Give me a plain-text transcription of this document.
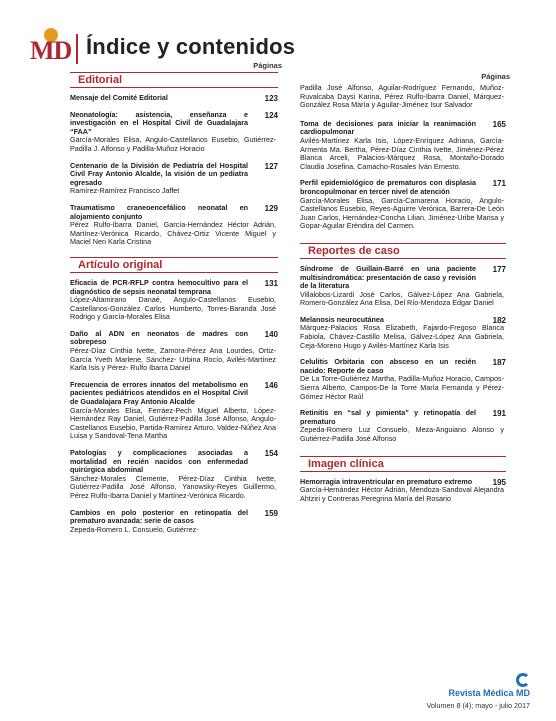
MD Índice y contenidos
Editorial
Páginas
Mensaje del Comité Editorial	123
Neonatología: asistencia, enseñanza e investigación en el Hospital Civil de Guadalajara “FAA”
García-Morales Elisa, Angulo-Castellanos Eusebio, Gutiérrez- Padilla J. Alfonso y Padilla-Muñoz Horacio
124
Centenario de la División de Pediatría del Hospital Civil Fray Antonio Alcalde, la visión de un pediatra egresado
Ramírez-Ramírez Francisco Jaffet
127
Traumatismo craneoencefálico neonatal en alojamiento conjunto
Pérez Rulfo-Ibarra Daniel, García-Hernández Héctor Adrián, Martínez-Verónica Ricardo, Chávez-Ortiz Vicente Miguel y Maciel Neri Karla Cristina
129
Artículo original
Eficacia de PCR-RFLP contra hemocultivo para el diagnóstico de sepsis neonatal temprana
López-Altamirano Danaé, Angulo-Castellanos Eusebio, Castellanos-González Carlos Humberto, Torres-Baranda José Rodrigo y García-Morales Elisa
131
Daño al ADN en neonatos de madres con sobrepeso
Pérez-Díaz Cinthia Ivette, Zamora-Pérez Ana Lourdes, Ortiz-García Yveth Marlene, Sánchez- Urbina Rocío, Avilés-Martínez Karla Isis y Pérez- Rulfo Ibarra Daniel
140
Frecuencia de errores innatos del metabolismo en pacientes pediátricos atendidos en el Hospital Civil de Guadalajara Fray Antonio Alcalde
García-Morales Elisa, Ferráez-Pech Miguel Alberto, López-Hernández Ray Daniel, Gutiérrez-Padilla José Alfonso, Angulo-Castellanos Eusebio, Partida-Ramírez Arturo, Valdez-Núñez Ana Luisa y Sandoval-Tena Martha
146
Patologías y complicaciones asociadas a mortalidad en recién nacidos con enfermedad quirúrgica abdominal
Sánchez-Morales Clemente, Pérez-Díaz Cinthia Ivette, Gutiérrez-Padilla José Alfonso, Yanowsky-Reyes Guillermo, Pérez Rulfo-Ibarra Daniel y Martínez-Verónica Ricardo.
154
Cambios en polo posterior en retinopatía del prematuro avanzada: serie de casos
Zepeda-Romero L. Consuelo, Gutiérrez-
159
Páginas
Padilla José Alfonso, Aguilar-Rodríguez Fernando, Muñoz-Ruvalcaba Daysi Karina, Pérez Rulfo-Ibarra Daniel, Márquez-González Rosa María y Aguilar-Jiménez Isur Salvador
Toma de decisiones para iniciar la reanimación cardiopulmonar
Avilés-Martínez Karla Isis, López-Enríquez Adriana, García-Armenta Ma. Bertha, Pérez-Díaz Cinthia Ivette, Jiménez-Pérez Blanca Arceli, Palacios-Márquez Rosa, Montaño-Dorado Claudia Josefina, Camacho-Rosales Iván Ernesto.
165
Perfil epidemiológico de prematuros con displasia broncopulmonar en tercer nivel de atención
García-Morales Elisa, García-Camarena Horacio, Angulo-Castellanos Eusebio, Reyes-Aguirre Verónica, Barrera-De León Juan Carlos, Hernández-Concha Lilian, Jiménez-Uribe Marisa y Gopar-Aguilar Eréndira del Carmen.
171
Reportes de caso
Síndrome de Guillain-Barré en una paciente multisindromática: presentación de caso y revisión de la literatura
Villalobos-Lizardi José Carlos, Gálvez-López Ana Gabriela, Romero-González Ana Elisa, Del Río-Mendoza Edgar Daniel
177
Melanosis neurocutánea
Márquez-Palacios Rosa Elizabeth, Fajardo-Fregoso Blanca Fabiola, Chávez-Castillo Melisa, Gálvez-López Ana Gabriela, Ceja-Moreno Hugo y Avilés-Martínez Karla Isis
182
Celulitis Orbitaria con absceso en un recién nacido: Reporte de caso
De La Torre-Gutiérrez Martha, Padilla-Muñoz Horacio, Campos-Sierra Alberto, Campos-De la Torre María Fernanda y Pérez-Gómez Héctor Raúl
187
Retinitis en “sal y pimienta” y retinopatía del prematuro
Zepeda-Romero Luz Consuelo, Meza-Anguiano Alonso y Gutiérrez-Padilla José Alfonso
191
Imagen clínica
Hemorragia intraventricular en prematuro extremo
García-Hernández Héctor Adrián, Mendoza-Sandoval Alejandra Ahtziri y Contreras Peregrina María del Rosario
195
Revista Médica MD
Volumen 8 (4); mayo - julio 2017
